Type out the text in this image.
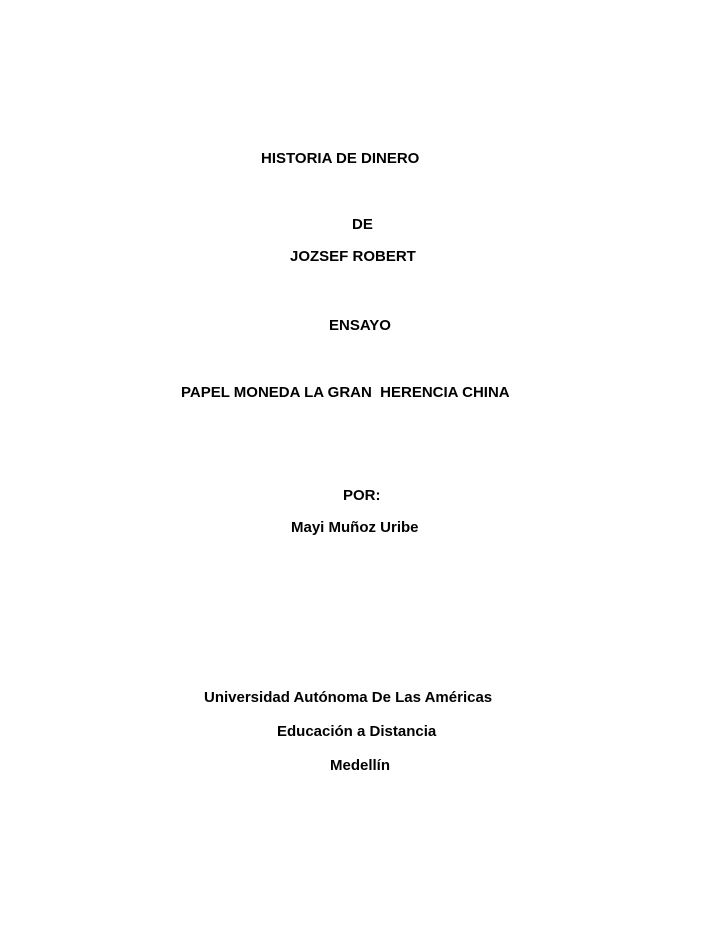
HISTORIA DE DINERO

DE

JOZSEF ROBERT

ENSAYO

PAPEL MONEDA LA GRAN  HERENCIA CHINA

POR:

Mayi Muñoz Uribe

Universidad Autónoma De Las Américas

Educación a Distancia

Medellín
